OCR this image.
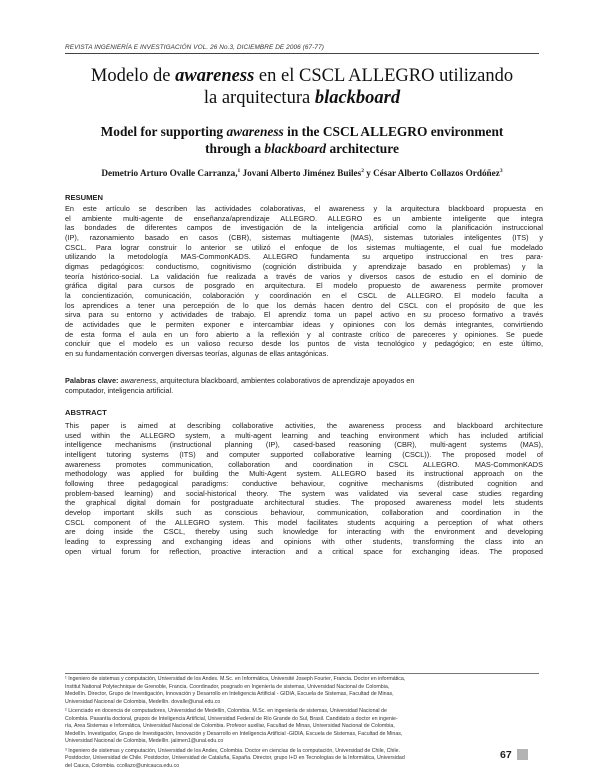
REVISTA INGENIERÍA E INVESTIGACIÓN VOL. 26 No.3, DICIEMBRE DE 2006 (67-77)
Modelo de awareness en el CSCL ALLEGRO utilizando
la arquitectura blackboard
Model for supporting awareness in the CSCL ALLEGRO environment
through a blackboard architecture
Demetrio Arturo Ovalle Carranza,$^1$ Jovani Alberto Jiménez Builes$^2$ y César Alberto Collazos Ordóñez$^3$
RESUMEN
En este artículo se describen las actividades colaborativas, el awareness y la arquitectura blackboard propuesta en
el ambiente multi-agente de enseñanza/aprendizaje ALLEGRO. ALLEGRO es un ambiente inteligente que integra
las bondades de diferentes campos de investigación de la inteligencia artificial como la planificación instruccional
(IP), razonamiento basado en casos (CBR), sistemas multiagente (MAS), sistemas tutoriales inteligentes (ITS) y
CSCL. Para lograr construir lo anterior se utilizó el enfoque de los sistemas multiagente, el cual fue modelado
utilizando la metodología MAS-CommonKADS. ALLEGRO fundamenta su arquetipo instruccional en tres para-
digmas pedagógicos: conductismo, cognitivismo (cognición distribuida y aprendizaje basado en problemas) y la
teoría histórico-social. La validación fue realizada a través de varios y diversos casos de estudio en el dominio de
gráfica digital para cursos de posgrado en arquitectura. El modelo propuesto de awareness permite promover
la concientización, comunicación, colaboración y coordinación en el CSCL de ALLEGRO. El modelo faculta a
los aprendices a tener una percepción de lo que los demás hacen dentro del CSCL con el propósito de que les
sirva para su entorno y actividades de trabajo. El aprendiz toma un papel activo en su proceso formativo a través
de actividades que le permiten exponer e intercambiar ideas y opiniones con los demás integrantes, convirtiendo
de esta forma el aula en un foro abierto a la reflexión y al contraste crítico de pareceres y opiniones. Se puede
concluir que el modelo es un valioso recurso desde los puntos de vista tecnológico y pedagógico; en este último,
en su fundamentación convergen diversas teorías, algunas de ellas antagónicas.
Palabras clave: awareness, arquitectura blackboard, ambientes colaborativos de aprendizaje apoyados en
computador, inteligencia artificial.
ABSTRACT
This paper is aimed at describing collaborative activities, the awareness process and blackboard architecture
used within the ALLEGRO system, a multi-agent learning and teaching environment which has included artificial
intelligence mechanisms (instructional planning (IP), cased-based reasoning (CBR), multi-agent systems (MAS),
intelligent tutoring systems (ITS) and computer supported collaborative learning (CSCL)). The proposed model of
awareness promotes communication, collaboration and coordination in CSCL ALLEGRO. MAS-CommonKADS
methodology was applied for building the Multi-Agent system. ALLEGRO based its instructional approach on the
following three pedagogical paradigms: conductive behaviour, cognitive mechanisms (distributed cognition and
problem-based learning) and social-historical theory. The system was validated via several case studies regarding
the graphical digital domain for postgraduate architectural studies. The proposed awareness model lets students
develop important skills such as conscious behaviour, communication, collaboration and coordination in the
CSCL component of the ALLEGRO system. This model facilitates students acquiring a perception of what others
are doing inside the CSCL, thereby using such knowledge for interacting with the environment and developing
leading to expressing and exchanging ideas and opinions with other students, transforming the class into an
open virtual forum for reflection, proactive interaction and a critical space for exchanging ideas. The proposed
¹ Ingeniero de sistemas y computación, Universidad de los Andes. M.Sc. en Informática, Université Joseph Fourier, Francia. Doctor en informática,
Institut National Polytechnique de Grenoble, Francia. Coordinador, posgrado en Ingeniería de sistemas, Universidad Nacional de Colombia,
Medellín. Director, Grupo de Investigación, Innovación y Desarrollo en Inteligencia Artificial - GIDIA, Escuela de Sistemas, Facultad de Minas,
Universidad Nacional de Colombia, Medellín. dovalle@unal.edu.co
² Licenciado en docencia de computadores, Universidad de Medellín, Colombia. M.Sc. en ingeniería de sistemas, Universidad Nacional de
Colombia. Pasantía doctoral, grupos de Inteligencia Artificial, Universidad Federal de Río Grande do Sul, Brasil. Candidato a doctor en ingenie-
ría, Área Sistemas e Informática, Universidad Nacional de Colombia. Profesor auxiliar, Facultad de Minas, Universidad Nacional de Colombia,
Medellín. Investigador, Grupo de Investigación, Innovación y Desarrollo en Inteligencia Artificial -GIDIA, Escuela de Sistemas, Facultad de Minas,
Universidad Nacional de Colombia, Medellín. jaiimen1@unal.edu.co
³ Ingeniero de sistemas y computación, Universidad de los Andes, Colombia. Doctor en ciencias de la computación, Universidad de Chile, Chile.
Postdoctor, Universidad de Chile. Postdoctor, Universidad de Cataluña, España. Director, grupo I+D en Tecnologías de la Informática, Universidad
del Cauca, Colombia. ccollazo@unicauca.edu.co
67
